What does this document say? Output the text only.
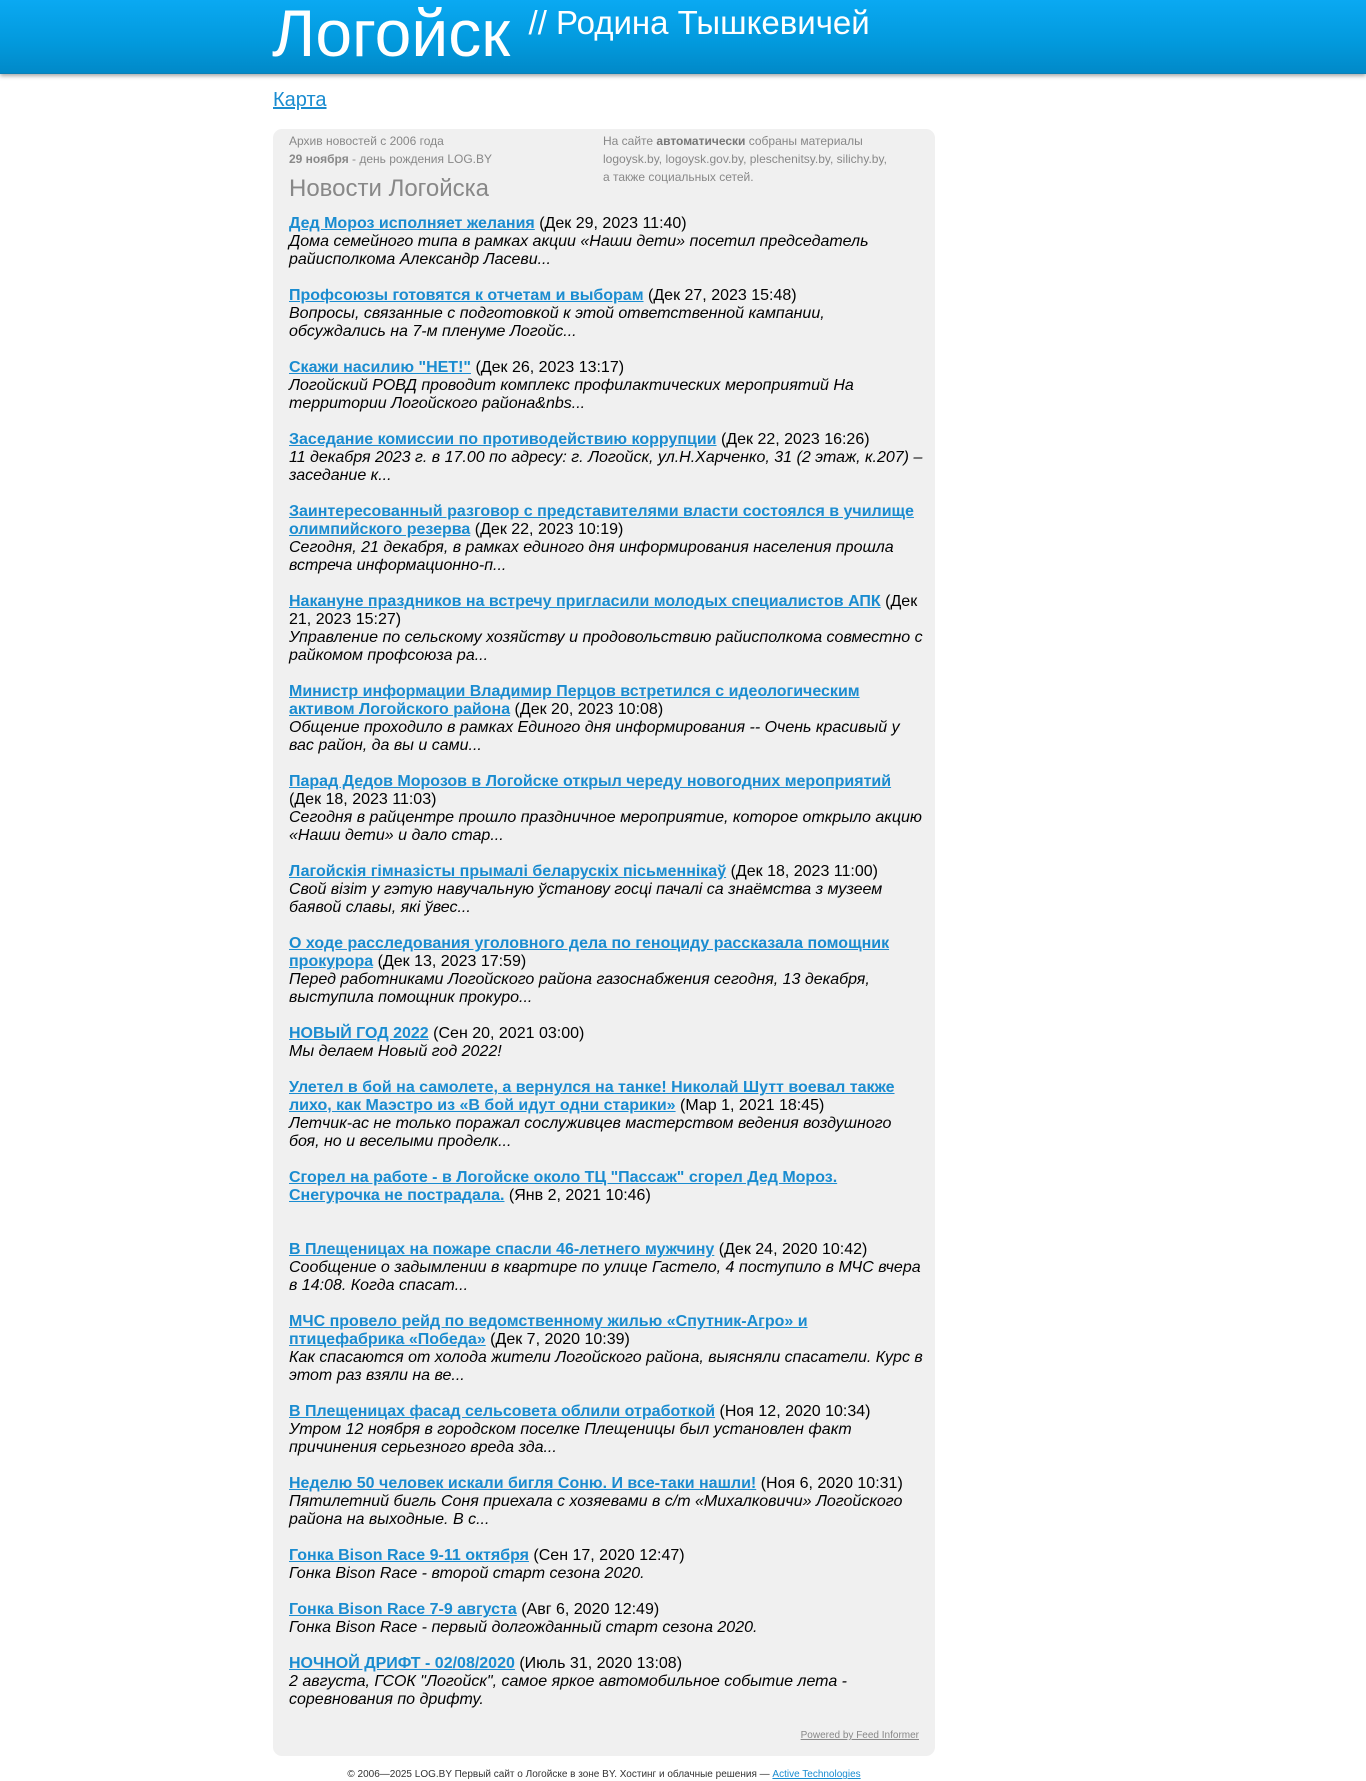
Логойск // Родина Тышкевичей
Карта
Архив новостей с 2006 года
29 ноября - день рождения LOG.BY
На сайте автоматически собраны материалы
logoysk.by, logoysk.gov.by, pleschenitsy.by, silichy.by,
а также социальных сетей.
Новости Логойска
Дед Мороз исполняет желания (Дек 29, 2023 11:40)
Дома семейного типа в рамках акции «Наши дети» посетил председатель райисполкома Александр Ласеви...
Профсоюзы готовятся к отчетам и выборам (Дек 27, 2023 15:48)
Вопросы, связанные с подготовкой к этой ответственной кампании, обсуждались на 7-м пленуме Логойс...
Скажи насилию "НЕТ!" (Дек 26, 2023 13:17)
Логойский РОВД проводит комплекс профилактических мероприятий На территории Логойского района&nbs...
Заседание комиссии по противодействию коррупции (Дек 22, 2023 16:26)
11 декабря 2023 г. в 17.00 по адресу: г. Логойск, ул.Н.Харченко, 31 (2 этаж, к.207) – заседание к...
Заинтересованный разговор с представителями власти состоялся в училище олимпийского резерва (Дек 22, 2023 10:19)
Сегодня, 21 декабря, в рамках единого дня информирования населения прошла встреча информационно-п...
Накануне праздников на встречу пригласили молодых специалистов АПК (Дек 21, 2023 15:27)
Управление по сельскому хозяйству и продовольствию райисполкома совместно с райкомом профсоюза ра...
Министр информации Владимир Перцов встретился с идеологическим активом Логойского района (Дек 20, 2023 10:08)
Общение проходило в рамках Единого дня информирования -- Очень красивый у вас район, да вы и сами...
Парад Дедов Морозов в Логойске открыл череду новогодних мероприятий (Дек 18, 2023 11:03)
Сегодня в райцентре прошло праздничное мероприятие, которое открыло акцию «Наши дети» и дало стар...
Лагойскія гімназісты прымалі беларускіх пісьменнікаў (Дек 18, 2023 11:00)
Свой візіт у гэтую навучальную ўстанову госці пачалі са знаёмства з музеем баявой славы, які ўвес...
О ходе расследования уголовного дела по геноциду рассказала помощник прокурора (Дек 13, 2023 17:59)
Перед работниками Логойского района газоснабжения сегодня, 13 декабря, выступила помощник прокуро...
НОВЫЙ ГОД 2022 (Сен 20, 2021 03:00)
Мы делаем Новый год 2022!
Улетел в бой на самолете, а вернулся на танке! Николай Шутт воевал также лихо, как Маэстро из «В бой идут одни старики» (Мар 1, 2021 18:45)
Летчик-ас не только поражал сослуживцев мастерством ведения воздушного боя, но и веселыми проделк...
Сгорел на работе - в Логойске около ТЦ "Пассаж" сгорел Дед Мороз. Снегурочка не пострадала. (Янв 2, 2021 10:46)
В Плещеницах на пожаре спасли 46-летнего мужчину (Дек 24, 2020 10:42)
Сообщение о задымлении в квартире по улице Гастело, 4 поступило в МЧС вчера в 14:08. Когда спасат...
МЧС провело рейд по ведомственному жилью «Спутник-Агро» и птицефабрика «Победа» (Дек 7, 2020 10:39)
Как спасаются от холода жители Логойского района, выясняли спасатели. Курс в этот раз взяли на ве...
В Плещеницах фасад сельсовета облили отработкой (Ноя 12, 2020 10:34)
Утром 12 ноября в городском поселке Плещеницы был установлен факт причинения серьезного вреда зда...
Неделю 50 человек искали бигля Соню. И все-таки нашли! (Ноя 6, 2020 10:31)
Пятилетний бигль Соня приехала с хозяевами в с/т «Михалковичи» Логойского района на выходные. В с...
Гонка Bison Race 9-11 октября (Сен 17, 2020 12:47)
Гонка Bison Race - второй старт сезона 2020.
Гонка Bison Race 7-9 августа (Авг 6, 2020 12:49)
Гонка Bison Race - первый долгожданный старт сезона 2020.
НОЧНОЙ ДРИФТ - 02/08/2020 (Июль 31, 2020 13:08)
2 августа, ГСОК "Логойск", самое яркое автомобильное событие лета - соревнования по дрифту.
Powered by Feed Informer
© 2006—2025 LOG.BY Первый сайт о Логойске в зоне BY. Хостинг и облачные решения — Active Technologies
